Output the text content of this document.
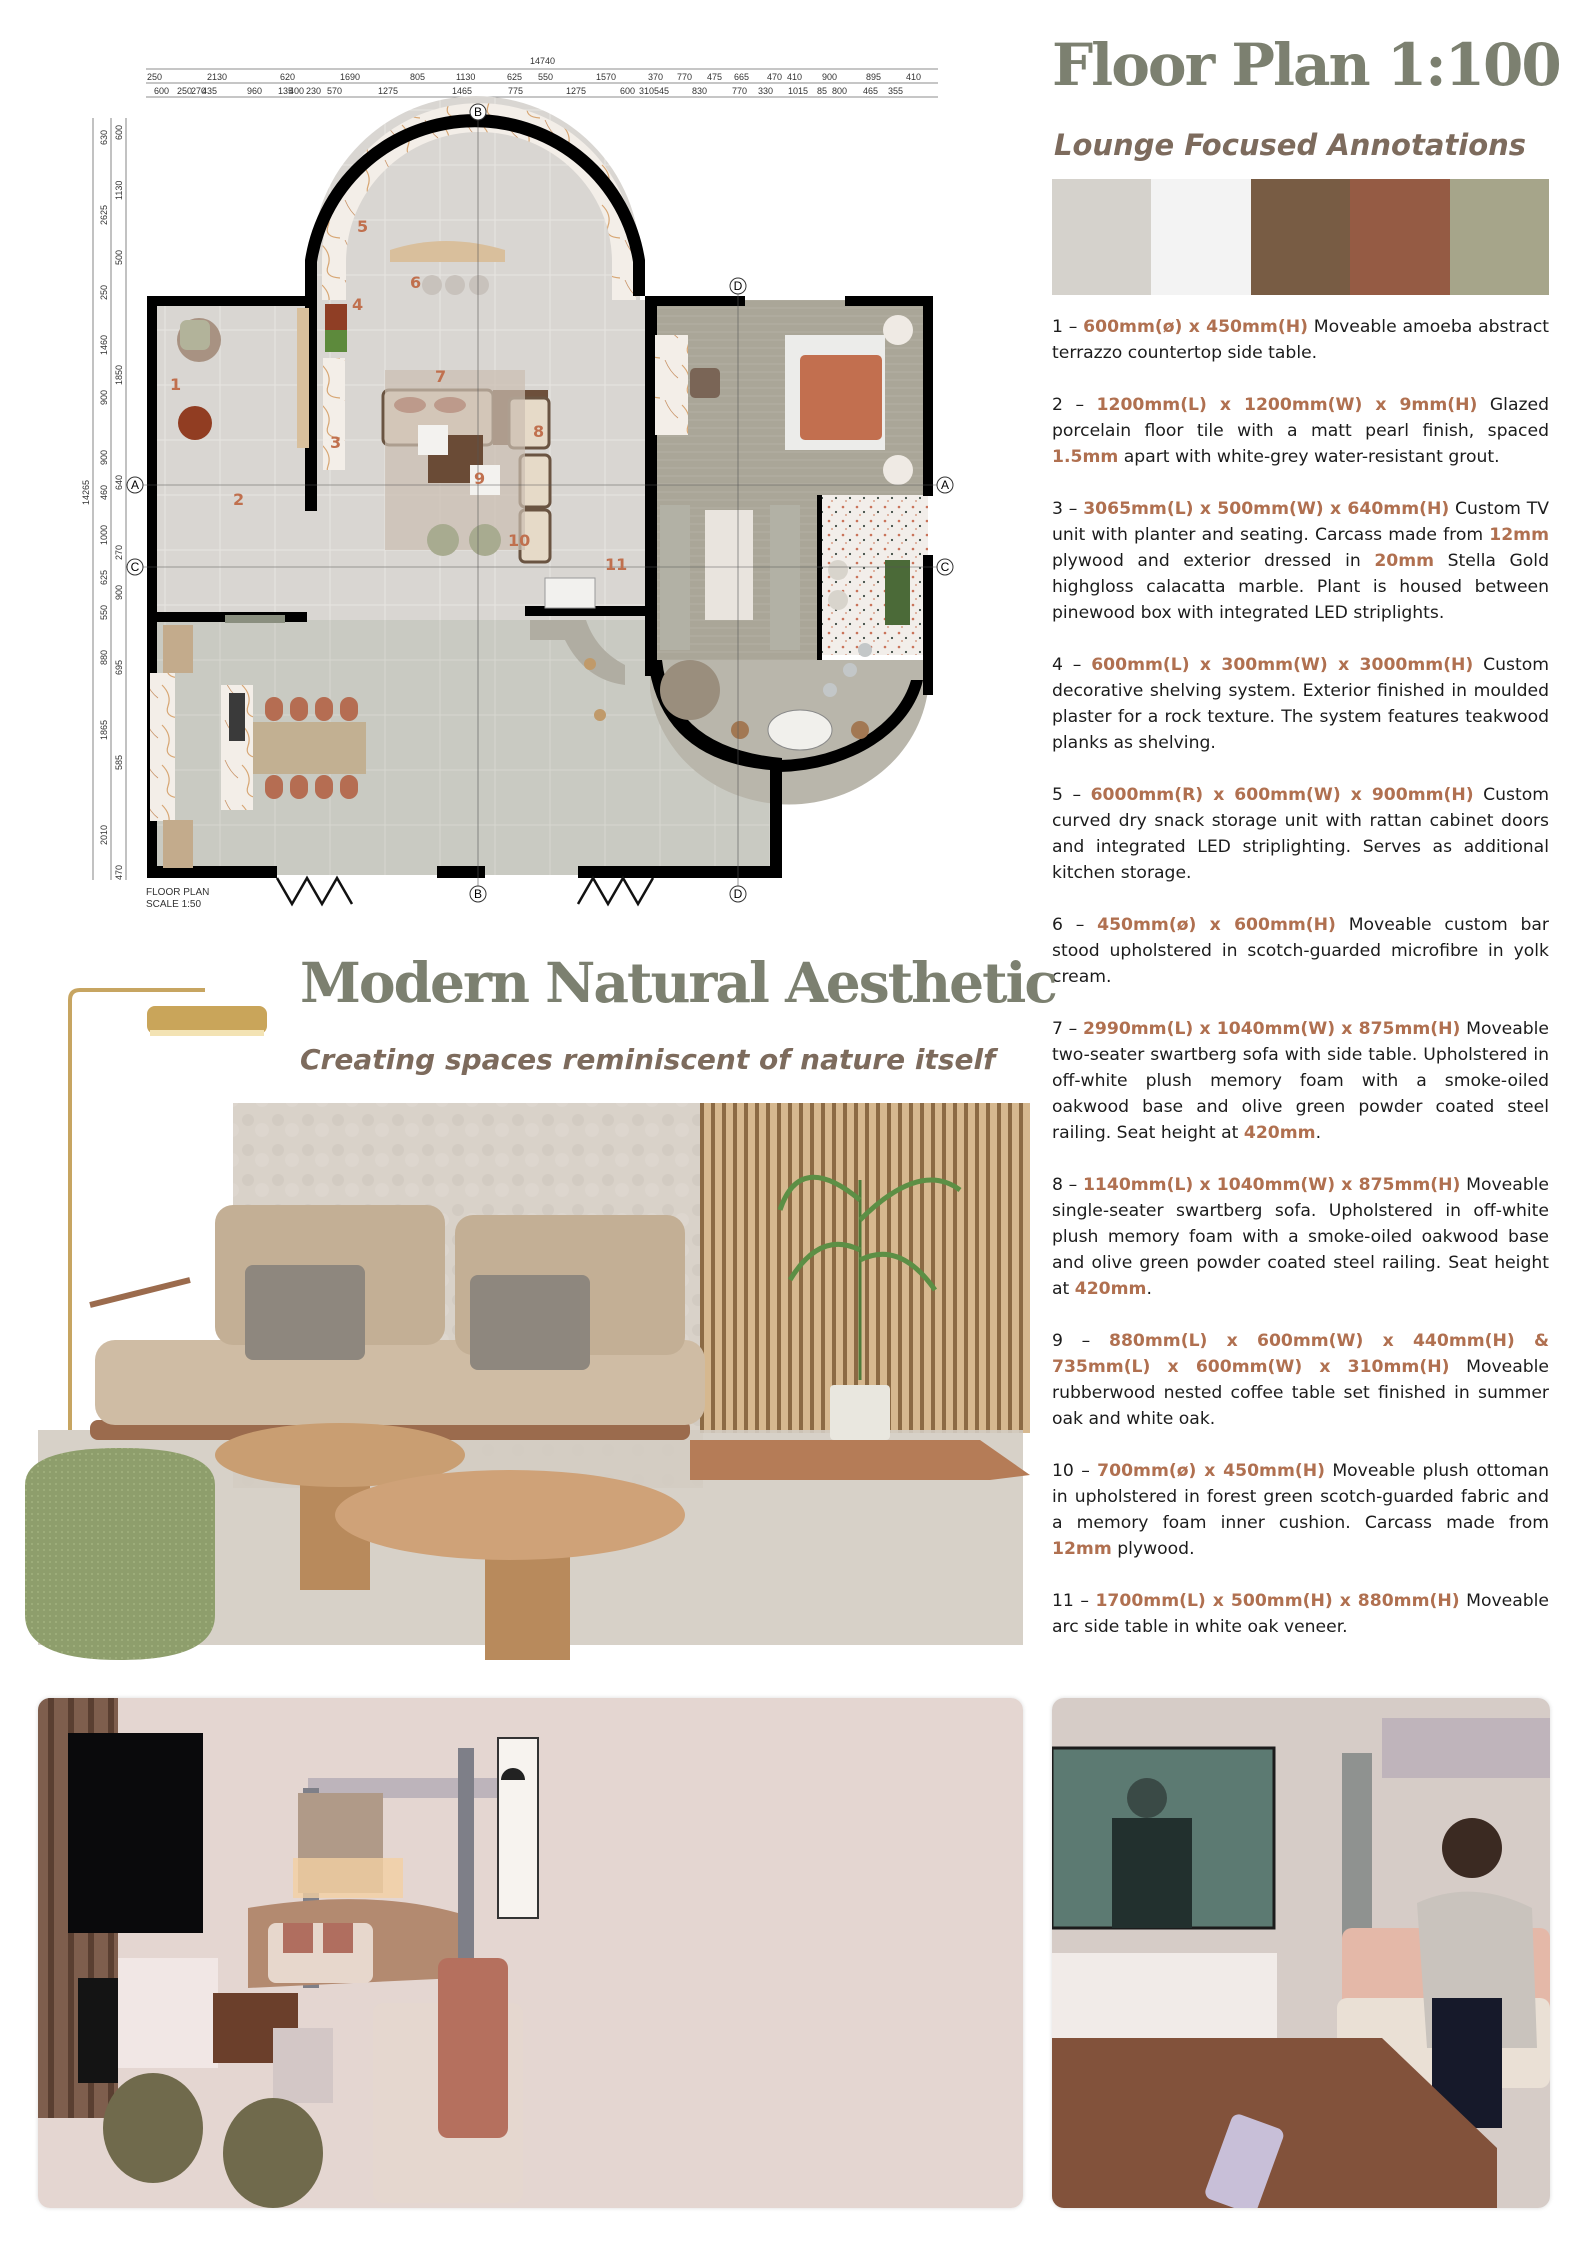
Floor Plan 1:100
Lounge Focused Annotations

1 – 600mm(ø) x 450mm(H) Moveable amoeba abstract terrazzo countertop side table.

2 – 1200mm(L) x 1200mm(W) x 9mm(H) Glazed porcelain floor tile with a matt pearl finish, spaced 1.5mm apart with white-grey water-resistant grout.

3 – 3065mm(L) x 500mm(W) x 640mm(H) Custom TV unit with planter and seating. Carcass made from 12mm plywood and exterior dressed in 20mm Stella Gold highgloss calacatta marble. Plant is housed between pinewood box with integrated LED striplights.

4 – 600mm(L) x 300mm(W) x 3000mm(H) Custom decorative shelving system. Exterior finished in moulded plaster for a rock texture. The system features teakwood planks as shelving.

5 – 6000mm(R) x 600mm(W) x 900mm(H) Custom curved dry snack storage unit with rattan cabinet doors and integrated LED striplighting. Serves as additional kitchen storage.

6 – 450mm(ø) x 600mm(H) Moveable custom bar stood upholstered in scotch-guarded microfibre in yolk cream.

7 – 2990mm(L) x 1040mm(W) x 875mm(H) Moveable two-seater swartberg sofa with side table. Upholstered in off-white plush memory foam with a smoke-oiled oakwood base and olive green powder coated steel railing. Seat height at 420mm.

8 – 1140mm(L) x 1040mm(W) x 875mm(H) Moveable single-seater swartberg sofa. Upholstered in off-white plush memory foam with a smoke-oiled oakwood base and olive green powder coated steel railing. Seat height at 420mm.

9 – 880mm(L) x 600mm(W) x 440mm(H) & 735mm(L) x 600mm(W) x 310mm(H) Moveable rubberwood nested coffee table set finished in summer oak and white oak.

10 – 700mm(ø) x 450mm(H) Moveable plush ottoman in upholstered in forest green scotch-guarded fabric and a memory foam inner cushion. Carcass made from 12mm plywood.

11 – 1700mm(L) x 500mm(H) x 880mm(H) Moveable arc side table in white oak veneer.

14740
250	2130	620	1690	805	1130	625 550	1570	370 770 475 665 470 410 900	895	410
600 250
270
435	960 135
400 230 570	1275	1465	775	1275	600 310 545	830	770 330 1015 85 800 465 355
14265
630
2625
250
1460
900
900
460
1000
625
550
880
1865
2010
600
1130
500
1850
640
270
900
695
585
470
A	A
C	C
B
B
D
D
1
2
3
4
5
6
7
8
9
10
11
FLOOR PLAN
SCALE 1:50
Modern Natural Aesthetic
Creating spaces reminiscent of nature itself
